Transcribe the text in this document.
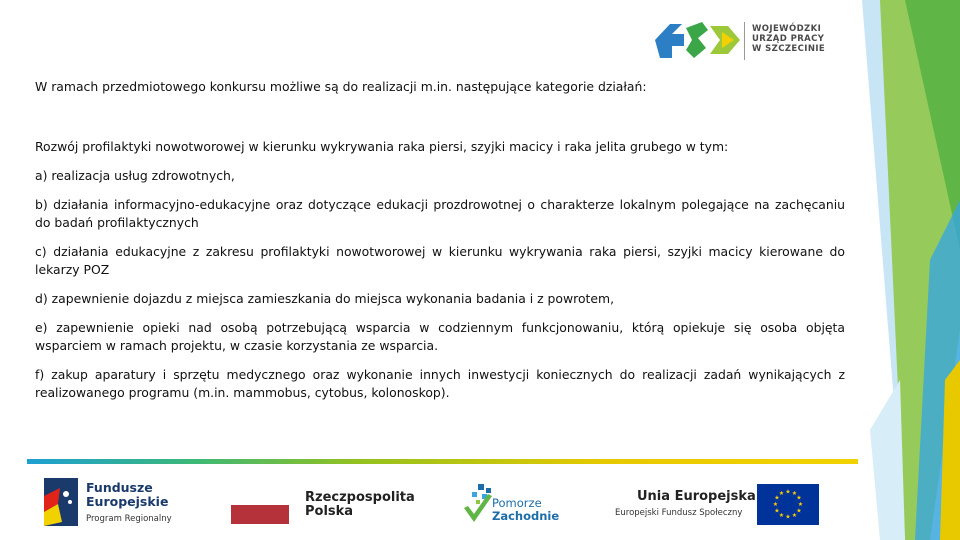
WOJEWÓDZKI
URZĄD PRACY
W SZCZECINIE
W ramach przedmiotowego konkursu możliwe są do realizacji m.in. następujące kategorie działań:
Rozwój profilaktyki nowotworowej w kierunku wykrywania raka piersi, szyjki macicy i raka jelita grubego w tym:

a) realizacja usług zdrowotnych,

b) działania informacyjno-edukacyjne oraz dotyczące edukacji prozdrowotnej o charakterze lokalnym polegające na zachęcaniu do badań profilaktycznych

c) działania edukacyjne z zakresu profilaktyki nowotworowej w kierunku wykrywania raka piersi, szyjki macicy kierowane do lekarzy POZ

d) zapewnienie dojazdu z miejsca zamieszkania do miejsca wykonania badania i z powrotem,

e) zapewnienie opieki nad osobą potrzebującą wsparcia w codziennym funkcjonowaniu, którą opiekuje się osoba objęta wsparciem w ramach projektu, w czasie korzystania ze wsparcia.

f) zakup aparatury i sprzętu medycznego oraz wykonanie innych inwestycji koniecznych do realizacji zadań wynikających z realizowanego programu (m.in. mammobus, cytobus, kolonoskop).

Fundusze
Europejskie
Program Regionalny
Rzeczpospolita
Polska
Pomorze
Zachodnie
Unia Europejska
Europejski Fundusz Społeczny
★ ★
★
★
★
★
★
★
★
★
★
★
